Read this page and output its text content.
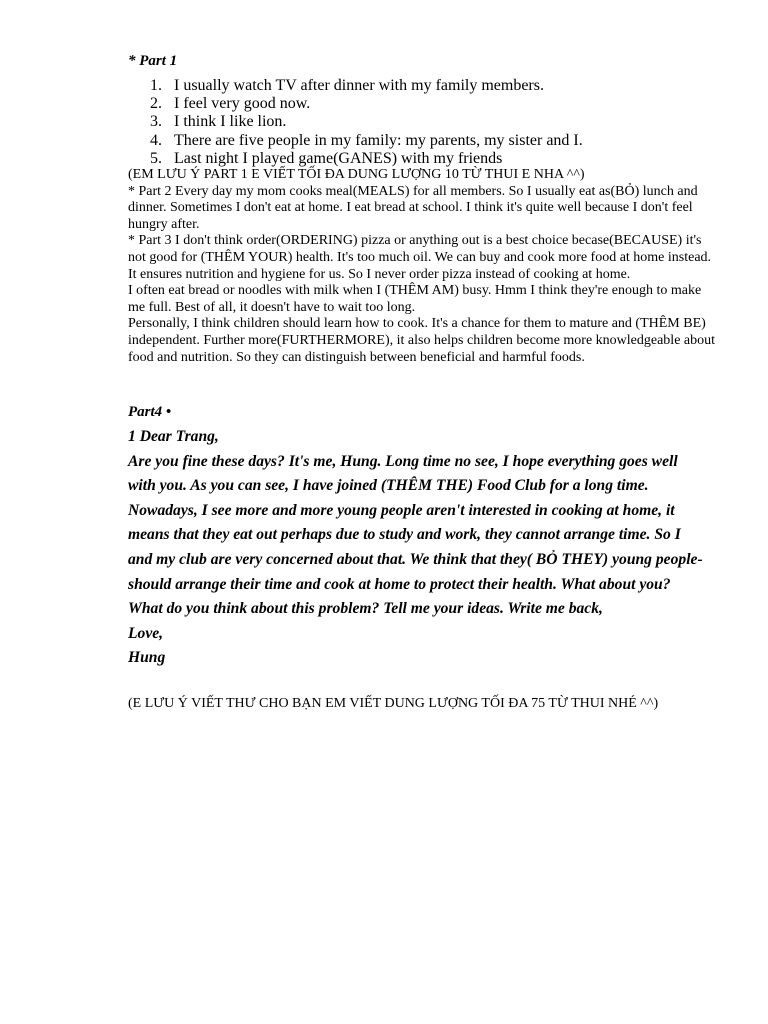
* Part 1
1. I usually watch TV after dinner with my family members.
2. I feel very good now.
3. I think I like lion.
4. There are five people in my family: my parents, my sister and I.
5. Last night I played game(GANES) with my friends

(EM LƯU Ý PART 1 E VIẾT TỐI ĐA DUNG LƯỢNG 10 TỪ THUI E NHA ^^)

* Part 2 Every day my mom cooks meal(MEALS) for all members. So I usually eat as(BỎ) lunch and dinner. Sometimes I don't eat at home. I eat bread at school. I think it's quite well because I don't feel hungry after.

* Part 3 I don't think order(ORDERING) pizza or anything out is a best choice becase(BECAUSE) it's not good for (THÊM YOUR) health. It's too much oil. We can buy and cook more food at home instead. It ensures nutrition and hygiene for us. So I never order pizza instead of cooking at home.

I often eat bread or noodles with milk when I (THÊM AM) busy. Hmm I think they're enough to make me full. Best of all, it doesn't have to wait too long.

Personally, I think children should learn how to cook. It's a chance for them to mature and (THÊM BE) independent. Further more(FURTHERMORE), it also helps children become more knowledgeable about food and nutrition. So they can distinguish between beneficial and harmful foods.

Part4 •

1 Dear Trang,

Are you fine these days? It's me, Hung. Long time no see, I hope everything goes well with you. As you can see, I have joined (THÊM THE) Food Club for a long time. Nowadays, I see more and more young people aren't interested in cooking at home, it means that they eat out perhaps due to study and work, they cannot arrange time. So I and my club are very concerned about that. We think that they( BỎ THEY) young people-should arrange their time and cook at home to protect their health. What about you? What do you think about this problem? Tell me your ideas. Write me back,

Love,

Hung

(E LƯU Ý VIẾT THƯ CHO BẠN EM VIẾT DUNG LƯỢNG TỐI ĐA 75 TỪ THUI NHÉ ^^)
